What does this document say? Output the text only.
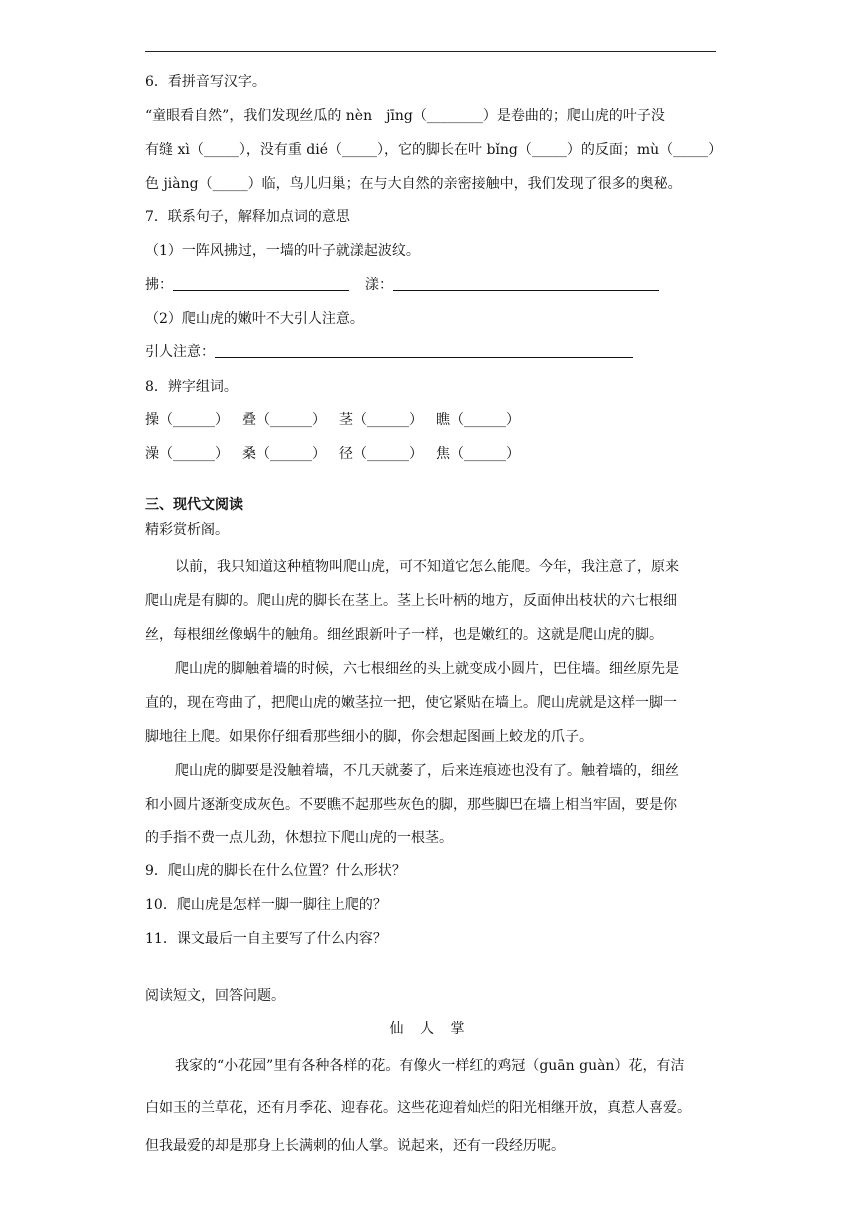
6．看拼音写汉字。
“童眼看自然”，我们发现丝瓜的 nèn　jīng（________）是卷曲的；爬山虎的叶子没
有缝 xì（_____），没有重 dié（_____），它的脚长在叶 bǐng（_____）的反面；mù（_____）
色 jiàng（_____）临，鸟儿归巢；在与大自然的亲密接触中，我们发现了很多的奥秘。
7．联系句子，解释加点词的意思
（1）一阵风拂过，一墙的叶子就漾起波纹。
拂：	漾：
（2）爬山虎的嫩叶不大引人注意。
引人注意：
8．辨字组词。
操（______） 叠（______） 茎（______） 瞧（______）
澡（______） 桑（______） 径（______） 焦（______）
三、现代文阅读
精彩赏析阁。
以前，我只知道这种植物叫爬山虎，可不知道它怎么能爬。今年，我注意了，原来
爬山虎是有脚的。爬山虎的脚长在茎上。茎上长叶柄的地方，反面伸出枝状的六七根细
丝，每根细丝像蜗牛的触角。细丝跟新叶子一样，也是嫩红的。这就是爬山虎的脚。
爬山虎的脚触着墙的时候，六七根细丝的头上就变成小圆片，巴住墙。细丝原先是
直的，现在弯曲了，把爬山虎的嫩茎拉一把，使它紧贴在墙上。爬山虎就是这样一脚一
脚地往上爬。如果你仔细看那些细小的脚，你会想起图画上蛟龙的爪子。
爬山虎的脚要是没触着墙，不几天就萎了，后来连痕迹也没有了。触着墙的，细丝
和小圆片逐渐变成灰色。不要瞧不起那些灰色的脚，那些脚巴在墙上相当牢固，要是你
的手指不费一点儿劲，休想拉下爬山虎的一根茎。
9．爬山虎的脚长在什么位置？什么形状？
10．爬山虎是怎样一脚一脚往上爬的？
11．课文最后一自主要写了什么内容？
阅读短文，回答问题。
仙 人 掌
我家的“小花园”里有各种各样的花。有像火一样红的鸡冠（guān guàn）花，有洁
白如玉的兰草花，还有月季花、迎春花。这些花迎着灿烂的阳光相继开放，真惹人喜爱。
但我最爱的却是那身上长满刺的仙人掌。说起来，还有一段经历呢。
